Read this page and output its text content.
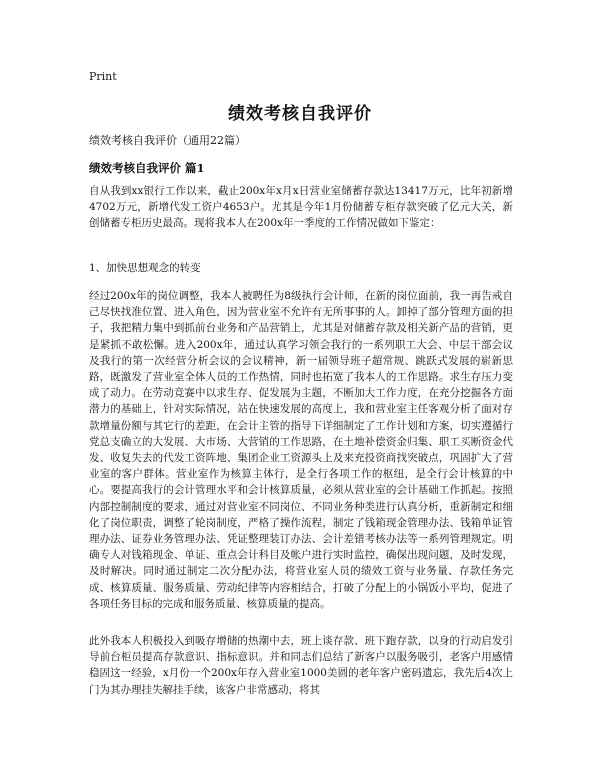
Print
绩效考核自我评价
绩效考核自我评价（通用22篇）
绩效考核自我评价 篇1

自从我到xx银行工作以来，截止200x年x月x日营业室储蓄存款达13417万元，比年初新增4702万元，新增代发工资户4653户。尤其是今年1月份储蓄专柜存款突破了亿元大关，新创储蓄专柜历史最高。现将我本人在200x年一季度的工作情况做如下鉴定：

1、加快思想观念的转变

经过200x年的岗位调整，我本人被聘任为8级执行会计师，在新的岗位面前，我一再告戒自己尽快找准位置、进入角色，因为营业室不允许有无所事事的人。卸掉了部分管理方面的担子，我把精力集中到抓前台业务和产品营销上，尤其是对储蓄存款及相关新产品的营销，更是紧抓不敢松懈。进入200x年，通过认真学习领会我行的一系列职工大会、中层干部会议及我行的第一次经营分析会议的会议精神，新一届领导班子超常规、跳跃式发展的崭新思路，既激发了营业室全体人员的工作热情，同时也拓宽了我本人的工作思路。求生存压力变成了动力。在劳动竞赛中以求生存、促发展为主题，不断加大工作力度，在充分挖掘各方面潜力的基础上，针对实际情况，站在快速发展的高度上，我和营业室主任客观分析了面对存款增量份额与其它行的差距，在会计主管的指导下详细制定了工作计划和方案，切实遵循行党总支确立的大发展、大市场、大营销的工作思路，在土地补偿资金归集、职工买断资金代发、收复失去的代发工资阵地、集团企业工资源头上及来充投资商找突破点，巩固扩大了营业室的客户群体。营业室作为核算主体行，是全行各项工作的枢纽，是全行会计核算的中心。要提高我行的会计管理水平和会计核算质量，必须从营业室的会计基础工作抓起。按照内部控制制度的要求，通过对营业室不同岗位、不同业务种类进行认真分析，重新制定和细化了岗位职责，调整了轮岗制度，严格了操作流程，制定了钱箱现金管理办法、钱箱单证管理办法、证券业务管理办法、凭证整理装订办法、会计差错考核办法等一系列管理规定。明确专人对钱箱现金、单证、重点会计科目及帐户进行实时监控，确保出现问题，及时发现，及时解决。同时通过制定二次分配办法，将营业室人员的绩效工资与业务量、存款任务完成、核算质量、服务质量、劳动纪律等内容相结合，打破了分配上的小锅饭小平均，促进了各项任务目标的完成和服务质量、核算质量的提高。

此外我本人积极投入到吸存增储的热潮中去，班上谈存款、班下跑存款，以身的行动启发引导前台柜员提高存款意识、指标意识。并和同志们总结了新客户以服务吸引，老客户用感情稳固这一经验，x月份一个200x年存入营业室1000美圆的老年客户密码遗忘，我先后4次上门为其办理挂失解挂手续，该客户非常感动，将其
